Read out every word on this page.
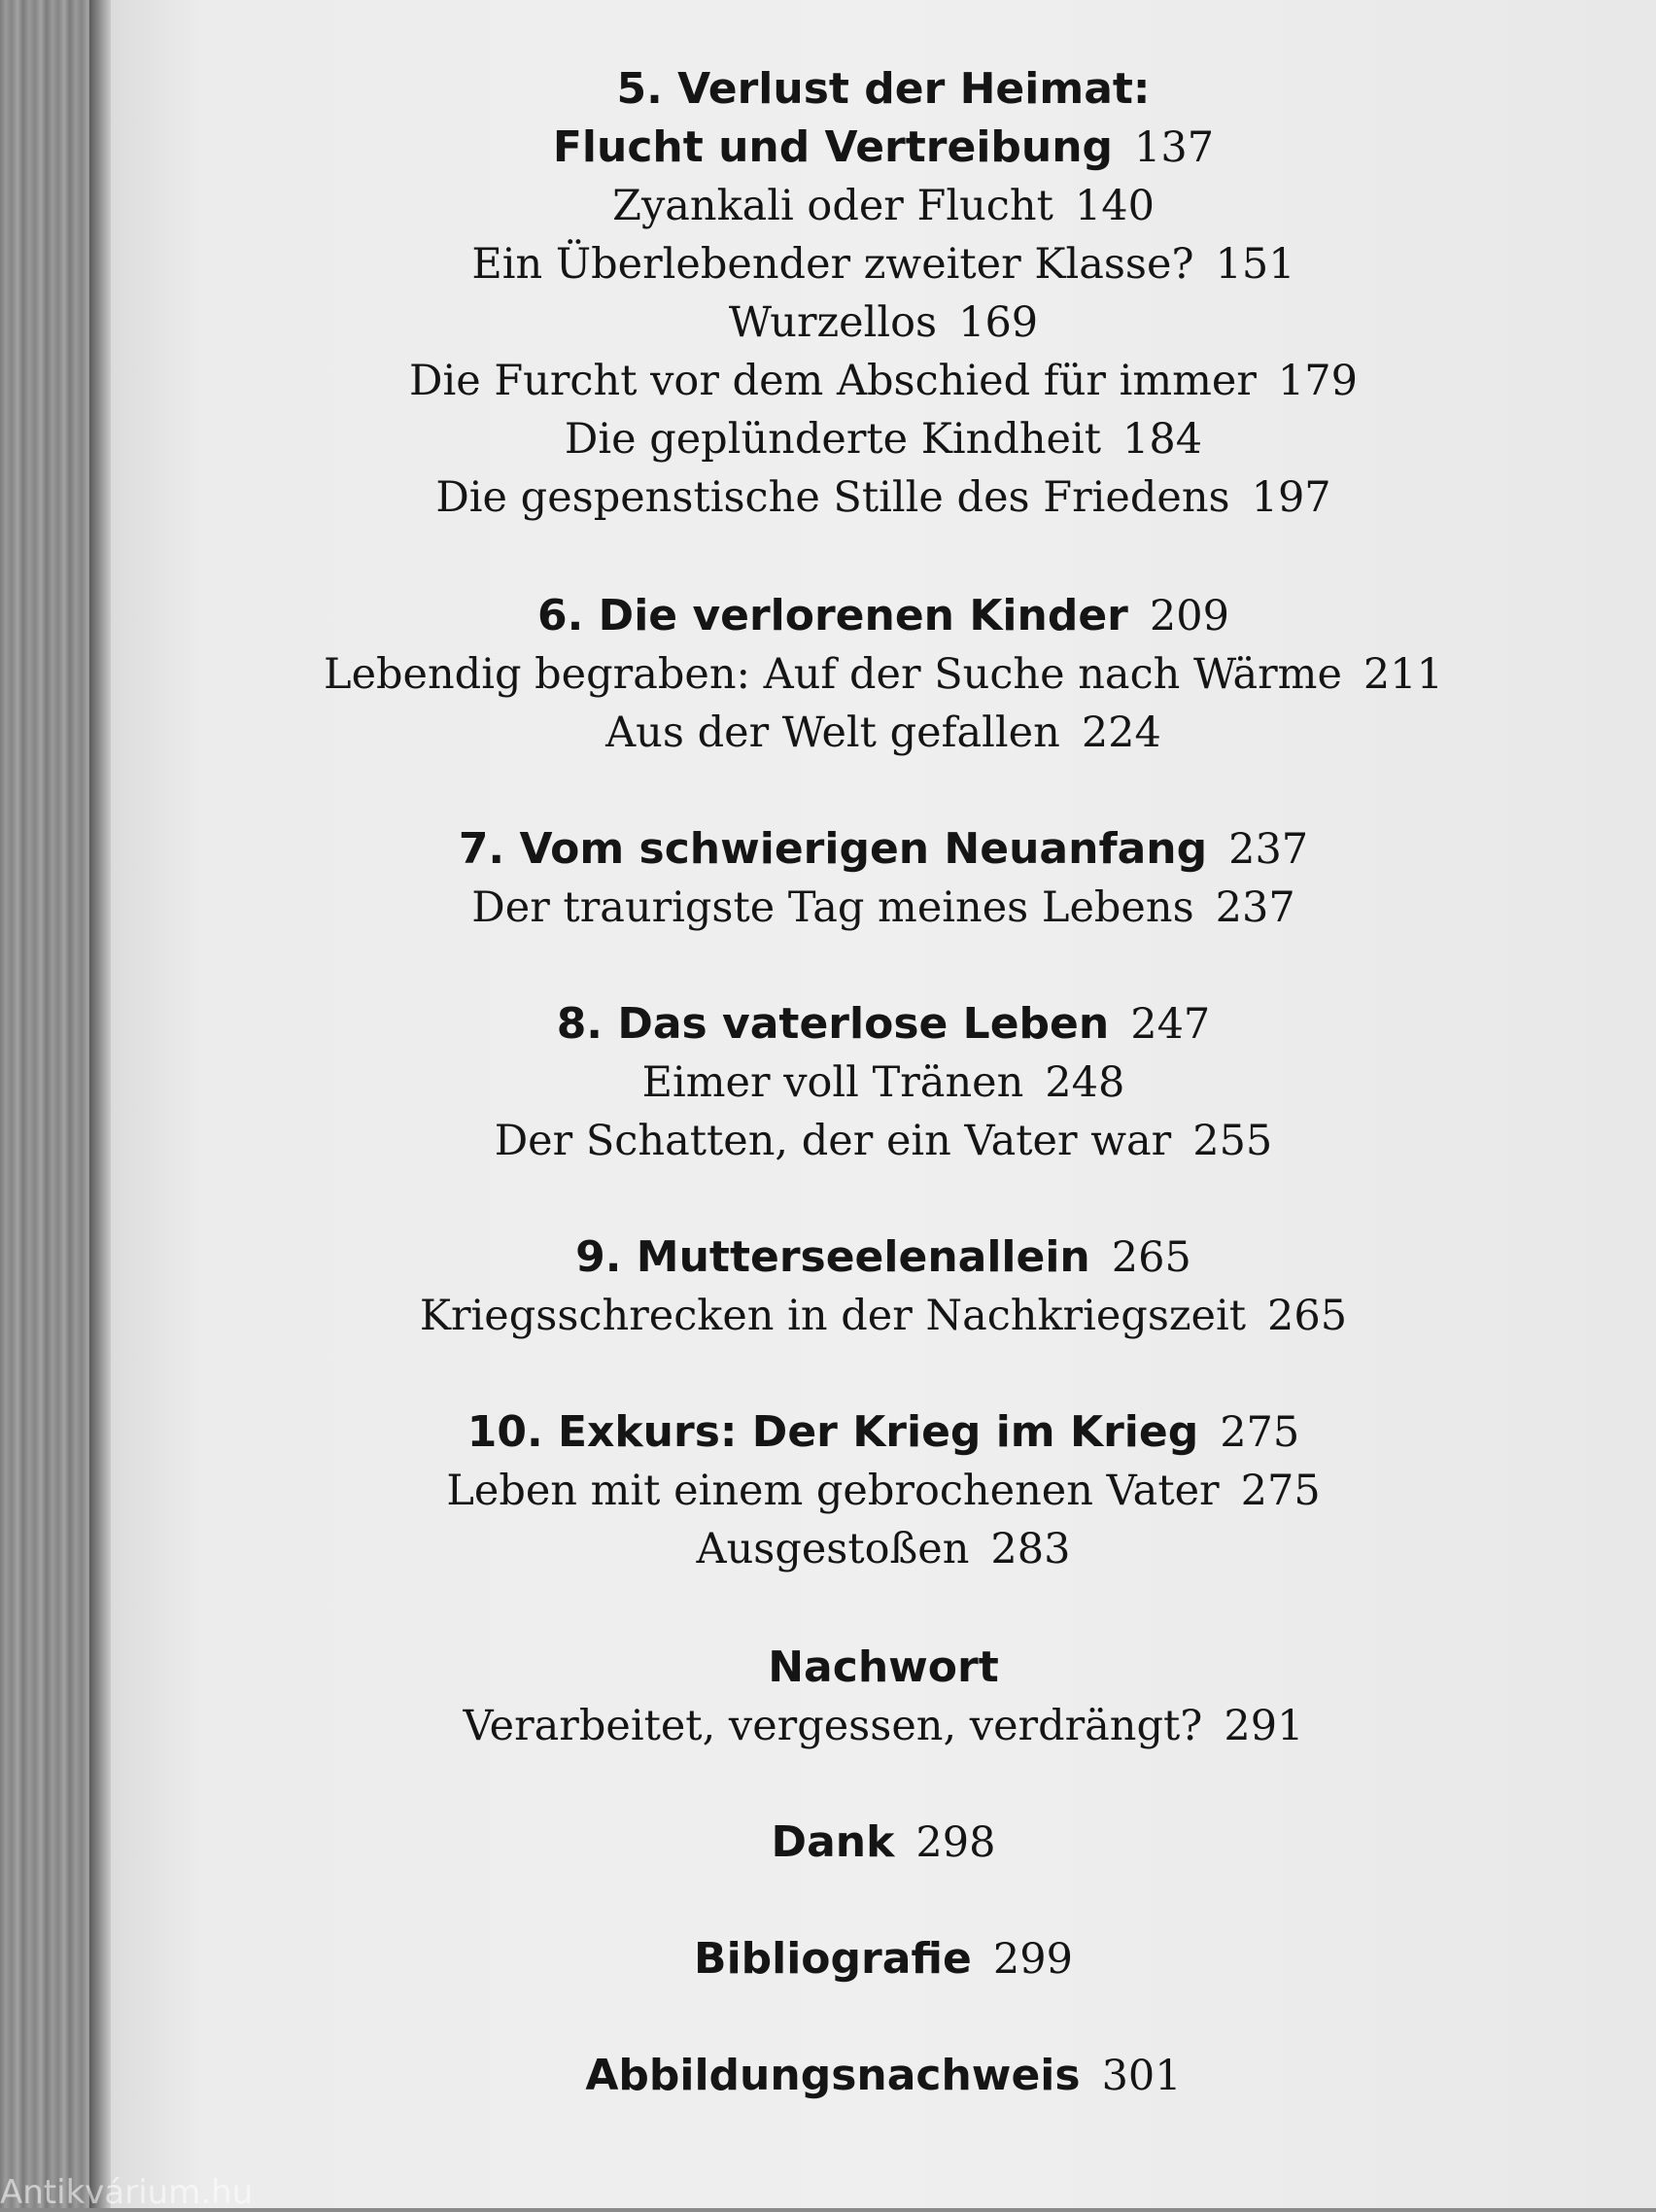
5. Verlust der Heimat:
Flucht und Vertreibung 137
Zyankali oder Flucht 140
Ein Überlebender zweiter Klasse? 151
Wurzellos 169
Die Furcht vor dem Abschied für immer 179
Die geplünderte Kindheit 184
Die gespenstische Stille des Friedens 197
6. Die verlorenen Kinder 209
Lebendig begraben: Auf der Suche nach Wärme 211
Aus der Welt gefallen 224
7. Vom schwierigen Neuanfang 237
Der traurigste Tag meines Lebens 237
8. Das vaterlose Leben 247
Eimer voll Tränen 248
Der Schatten, der ein Vater war 255
9. Mutterseelenallein 265
Kriegsschrecken in der Nachkriegszeit 265
10. Exkurs: Der Krieg im Krieg 275
Leben mit einem gebrochenen Vater 275
Ausgestoßen 283
Nachwort
Verarbeitet, vergessen, verdrängt? 291
Dank 298
Bibliografie 299
Abbildungsnachweis 301
Antikvárium.hu
